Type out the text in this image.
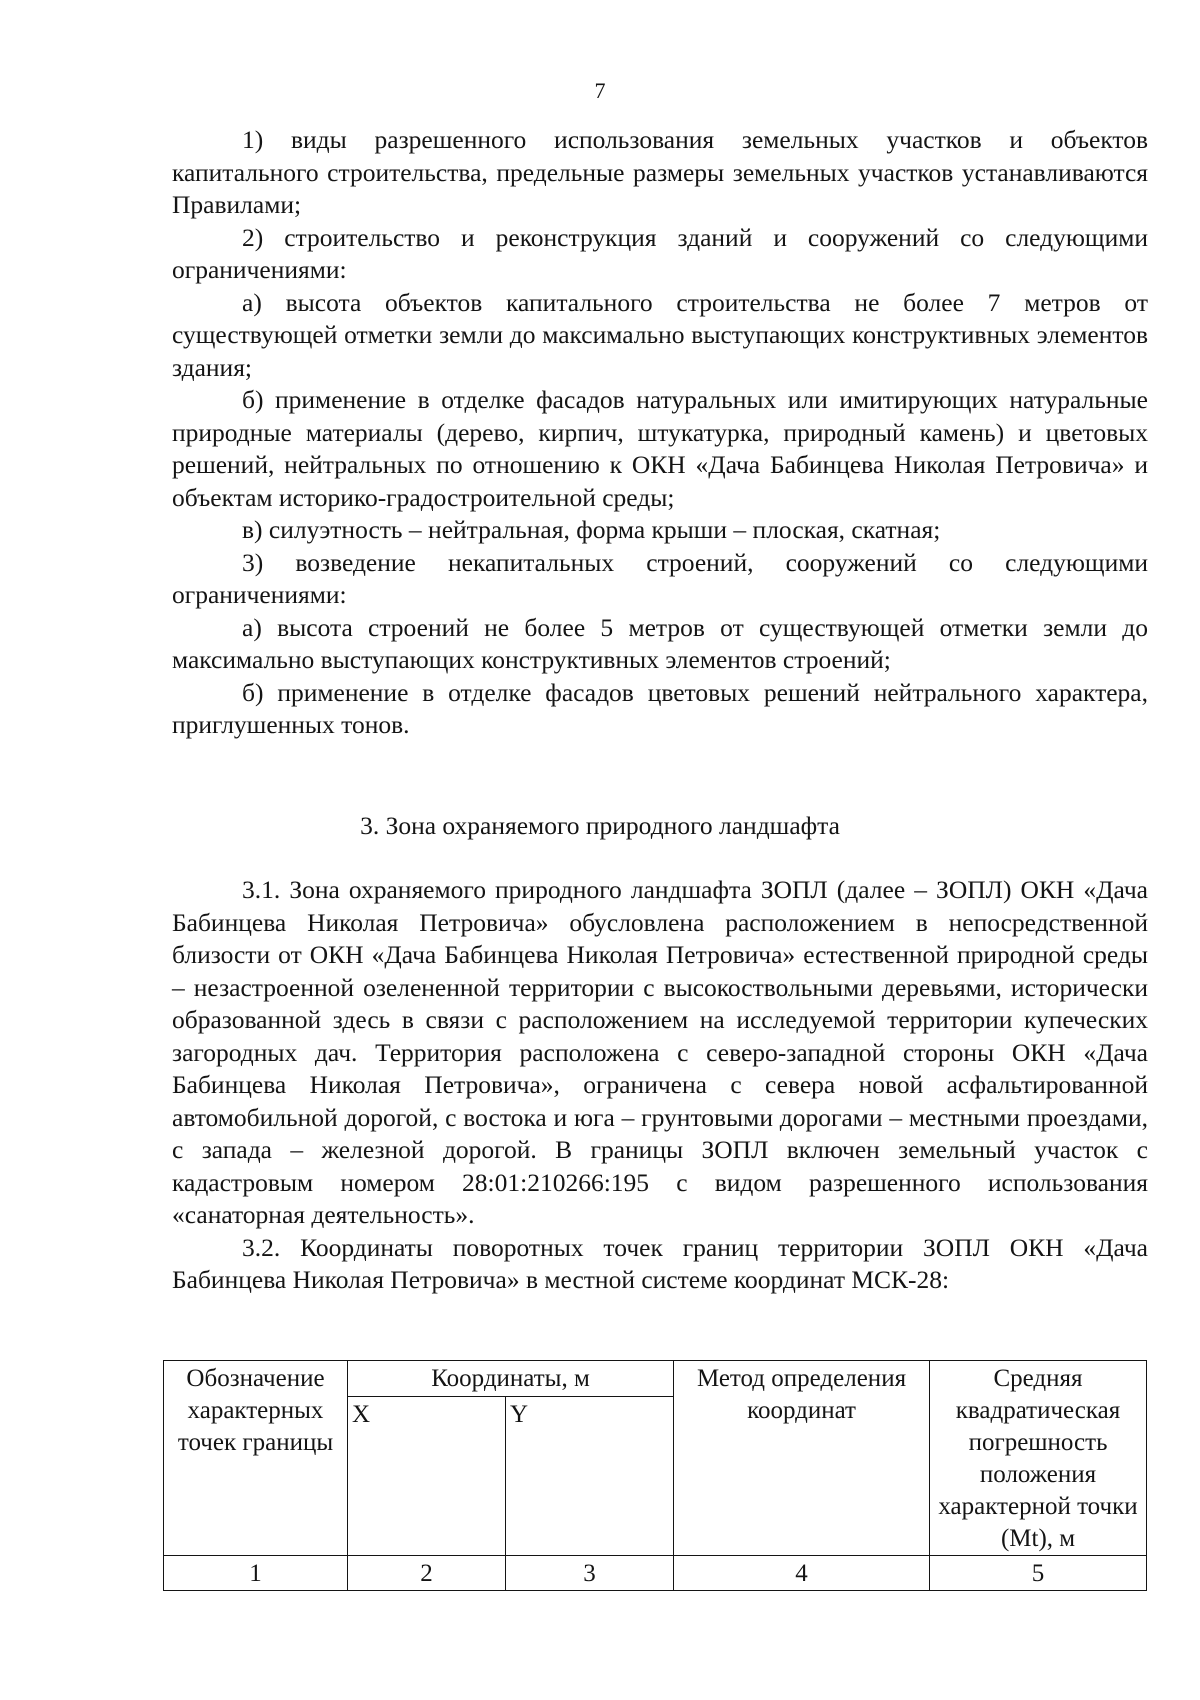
7

1) виды разрешенного использования земельных участков и объектов капитального строительства, предельные размеры земельных участков устанавливаются Правилами;

2) строительство и реконструкция зданий и сооружений со следующими ограничениями:

а) высота объектов капитального строительства не более 7 метров от существующей отметки земли до максимально выступающих конструктивных элементов здания;

б) применение в отделке фасадов натуральных или имитирующих натуральные природные материалы (дерево, кирпич, штукатурка, природный камень) и цветовых решений, нейтральных по отношению к ОКН «Дача Бабинцева Николая Петровича» и объектам историко-градостроительной среды;

в) силуэтность – нейтральная, форма крыши – плоская, скатная;

3) возведение некапитальных строений, сооружений со следующими ограничениями:

а) высота строений не более 5 метров от существующей отметки земли до максимально выступающих конструктивных элементов строений;

б) применение в отделке фасадов цветовых решений нейтрального характера, приглушенных тонов.

3. Зона охраняемого природного ландшафта

3.1. Зона охраняемого природного ландшафта ЗОПЛ (далее – ЗОПЛ) ОКН «Дача Бабинцева Николая Петровича» обусловлена расположением в непосредственной близости от ОКН «Дача Бабинцева Николая Петровича» естественной природной среды – незастроенной озелененной территории с высокоствольными деревьями, исторически образованной здесь в связи с расположением на исследуемой территории купеческих загородных дач. Территория расположена с северо-западной стороны ОКН «Дача Бабинцева Николая Петровича», ограничена с севера новой асфальтированной автомобильной дорогой, с востока и юга – грунтовыми дорогами – местными проездами, с запада – железной дорогой. В границы ЗОПЛ включен земельный участок с кадастровым номером 28:01:210266:195 с видом разрешенного использования «санаторная деятельность».

3.2. Координаты поворотных точек границ территории ЗОПЛ ОКН «Дача Бабинцева Николая Петровича» в местной системе координат МСК-28:

Обозначение характерных точек границы	Координаты, м		Метод определения координат	Средняя квадратическая погрешность положения характерной точки (Mt), м
	X	Y		
1	2	3	4	5
